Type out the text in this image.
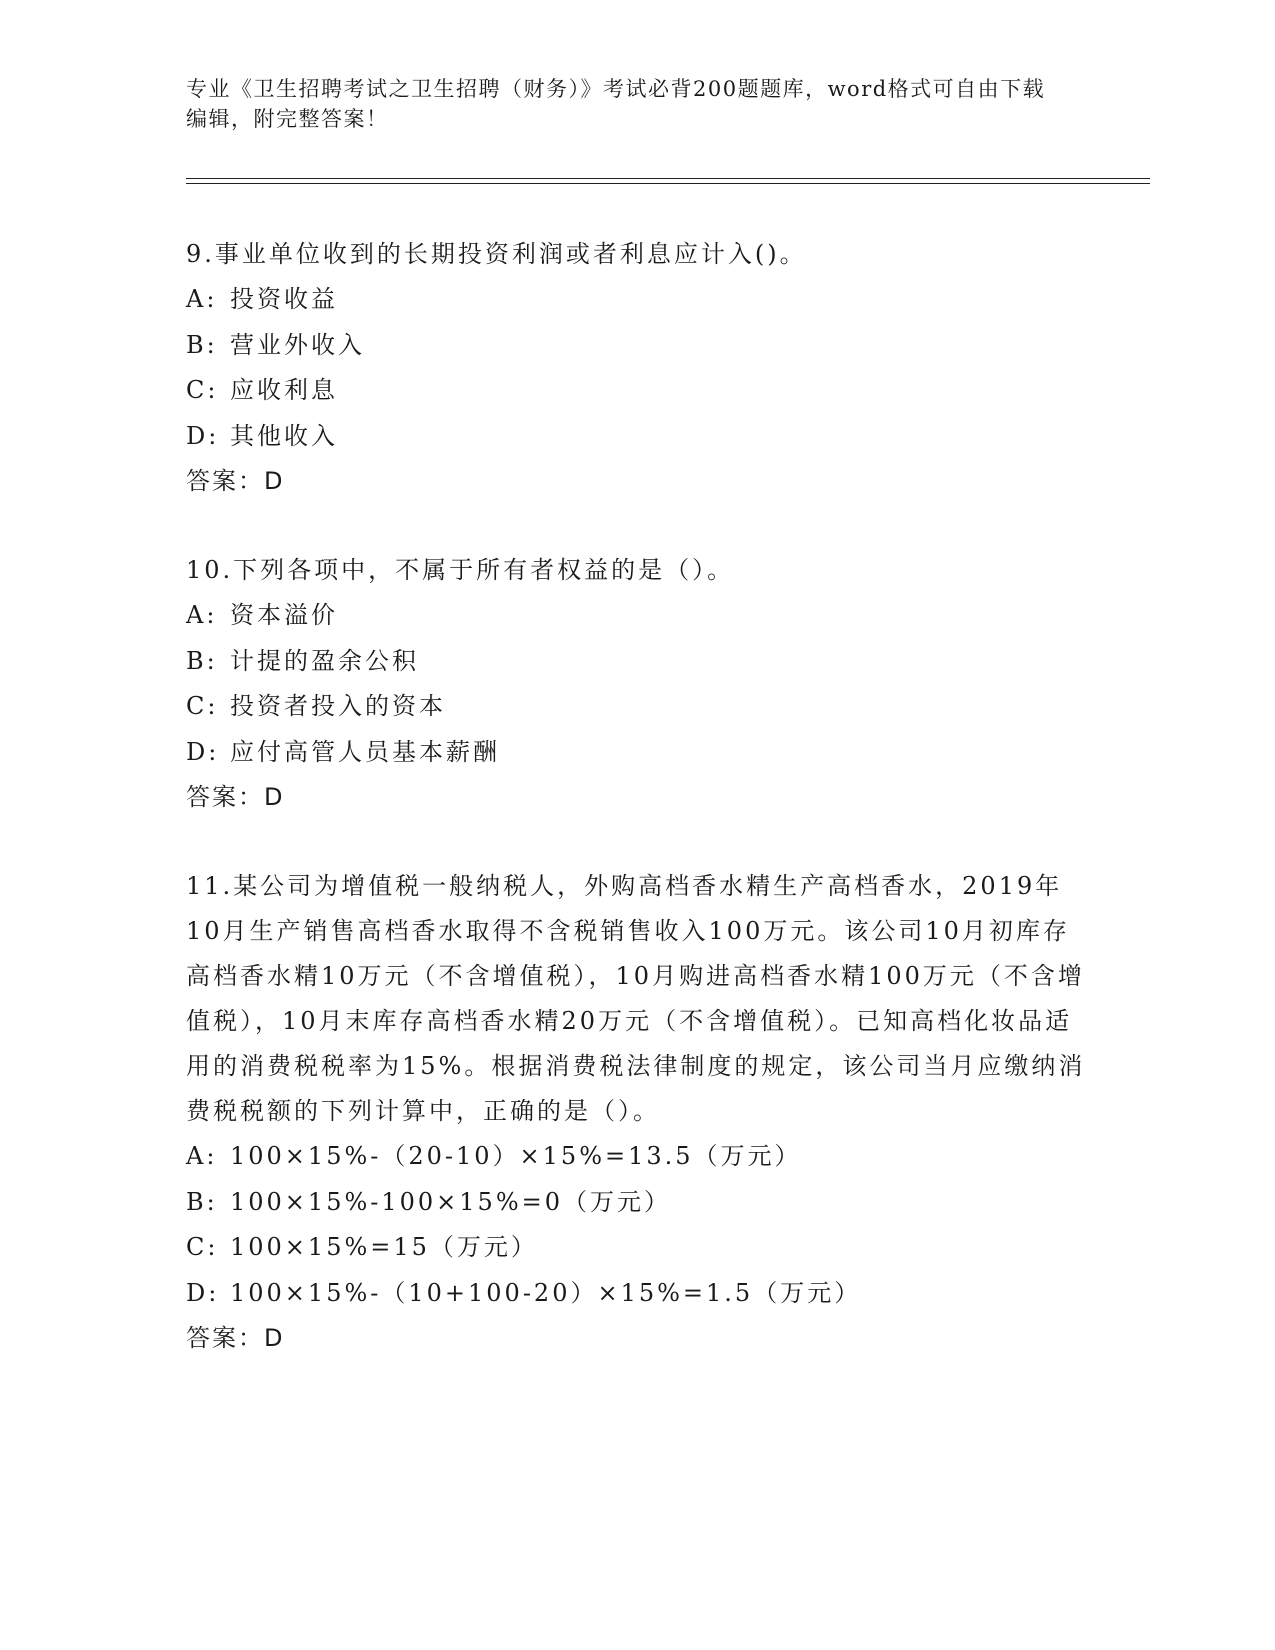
专业《卫生招聘考试之卫生招聘（财务）》考试必背200题题库，word格式可自由下载编辑，附完整答案！

9.事业单位收到的长期投资利润或者利息应计入()。

A: 投资收益

B: 营业外收入

C: 应收利息

D: 其他收入

答案：D

10.下列各项中，不属于所有者权益的是（）。

A: 资本溢价

B: 计提的盈余公积

C: 投资者投入的资本

D: 应付高管人员基本薪酬

答案：D

11.某公司为增值税一般纳税人，外购高档香水精生产高档香水，2019年10月生产销售高档香水取得不含税销售收入100万元。该公司10月初库存高档香水精10万元（不含增值税），10月购进高档香水精100万元（不含增值税），10月末库存高档香水精20万元（不含增值税）。已知高档化妆品适用的消费税税率为15%。根据消费税法律制度的规定，该公司当月应缴纳消费税税额的下列计算中，正确的是（）。

A: 100×15%-（20-10）×15%=13.5（万元）

B: 100×15%-100×15%=0（万元）

C: 100×15%=15（万元）

D: 100×15%-（10+100-20）×15%=1.5（万元）

答案：D
